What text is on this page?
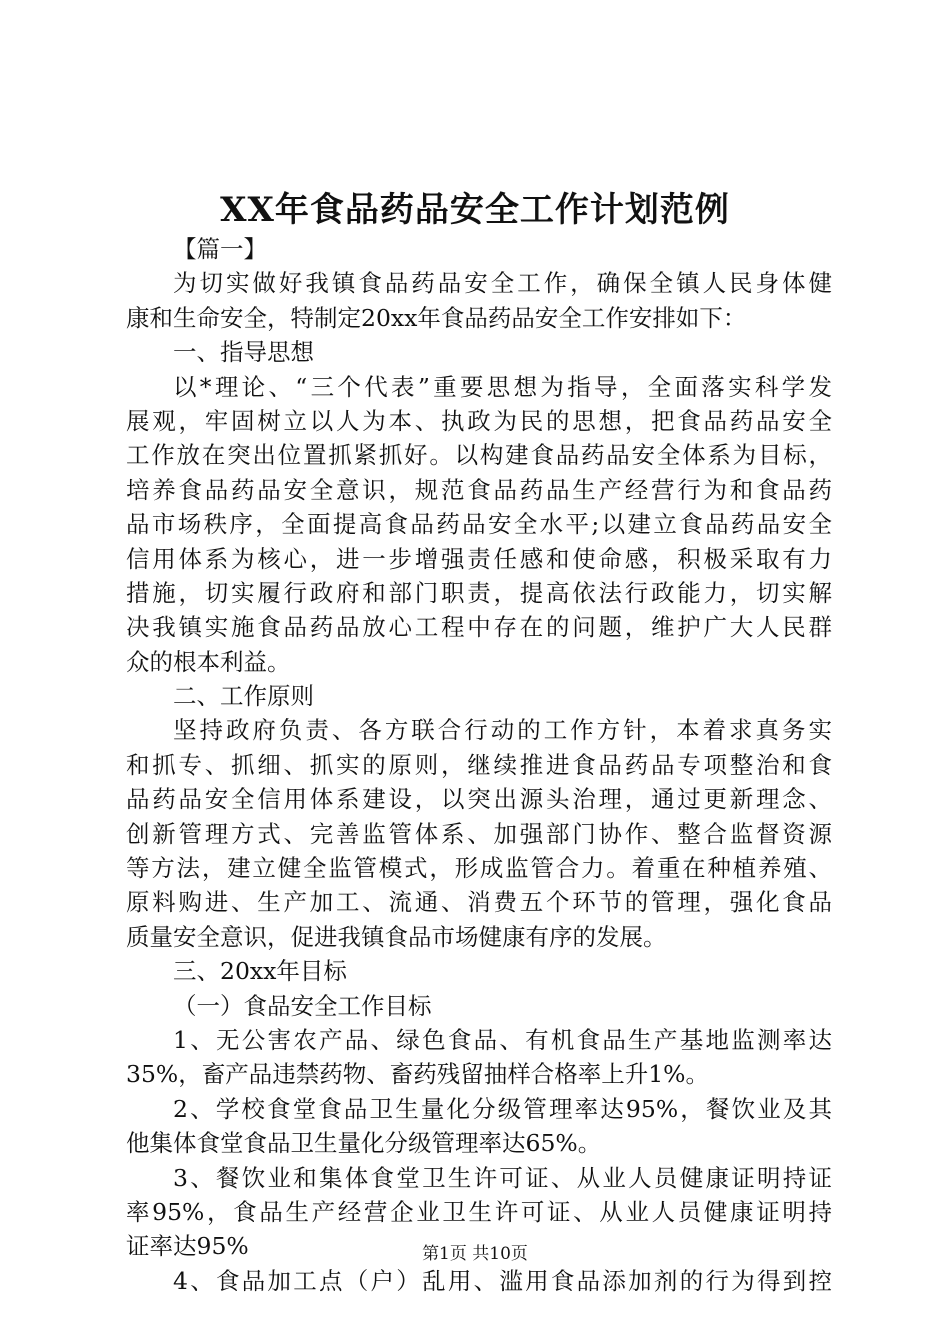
XX年食品药品安全工作计划范例
【篇一】
为切实做好我镇食品药品安全工作，确保全镇人民身体健
康和生命安全，特制定20xx年食品药品安全工作安排如下：
一、指导思想
以*理论、“三个代表”重要思想为指导，全面落实科学发
展观，牢固树立以人为本、执政为民的思想，把食品药品安全
工作放在突出位置抓紧抓好。以构建食品药品安全体系为目标，
培养食品药品安全意识，规范食品药品生产经营行为和食品药
品市场秩序，全面提高食品药品安全水平;以建立食品药品安全
信用体系为核心，进一步增强责任感和使命感，积极采取有力
措施，切实履行政府和部门职责，提高依法行政能力，切实解
决我镇实施食品药品放心工程中存在的问题，维护广大人民群
众的根本利益。
二、工作原则
坚持政府负责、各方联合行动的工作方针，本着求真务实
和抓专、抓细、抓实的原则，继续推进食品药品专项整治和食
品药品安全信用体系建设，以突出源头治理，通过更新理念、
创新管理方式、完善监管体系、加强部门协作、整合监督资源
等方法，建立健全监管模式，形成监管合力。着重在种植养殖、
原料购进、生产加工、流通、消费五个环节的管理，强化食品
质量安全意识，促进我镇食品市场健康有序的发展。
三、20xx年目标
（一）食品安全工作目标
1、无公害农产品、绿色食品、有机食品生产基地监测率达
35%，畜产品违禁药物、畜药残留抽样合格率上升1%。
2、学校食堂食品卫生量化分级管理率达95%，餐饮业及其
他集体食堂食品卫生量化分级管理率达65%。
3、餐饮业和集体食堂卫生许可证、从业人员健康证明持证
率95%，食品生产经营企业卫生许可证、从业人员健康证明持
证率达95%
4、食品加工点（户）乱用、滥用食品添加剂的行为得到控
第1页 共10页
